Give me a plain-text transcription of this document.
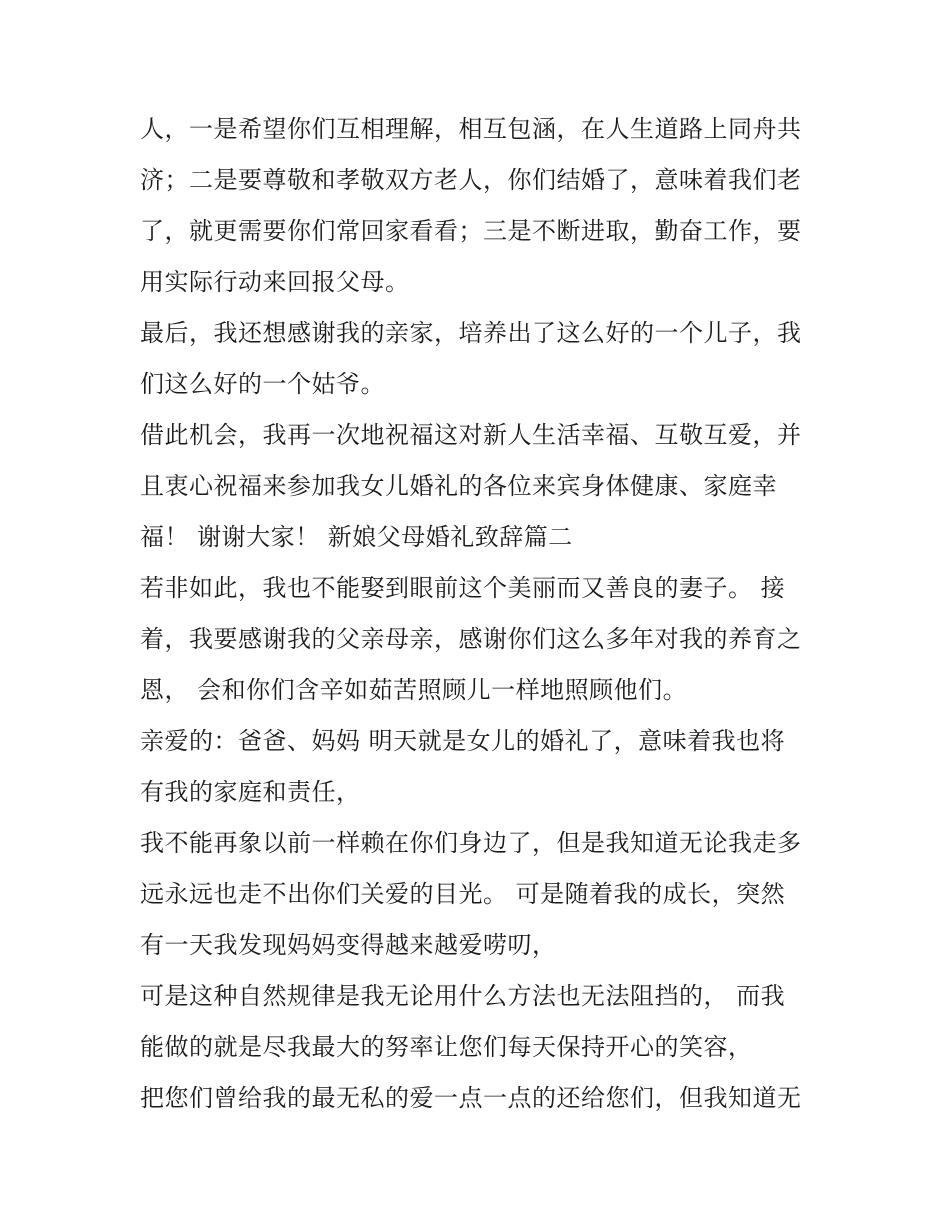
人，一是希望你们互相理解，相互包涵，在人生道路上同舟共
济；二是要尊敬和孝敬双方老人，你们结婚了，意味着我们老
了，就更需要你们常回家看看；三是不断进取，勤奋工作，要
用实际行动来回报父母。

最后，我还想感谢我的亲家，培养出了这么好的一个儿子，我
们这么好的一个姑爷。

借此机会，我再一次地祝福这对新人生活幸福、互敬互爱，并
且衷心祝福来参加我女儿婚礼的各位来宾身体健康、家庭幸
福！ 谢谢大家！ 新娘父母婚礼致辞篇二

若非如此，我也不能娶到眼前这个美丽而又善良的妻子。 接
着，我要感谢我的父亲母亲，感谢你们这么多年对我的养育之
恩， 会和你们含辛如茹苦照顾儿一样地照顾他们。

亲爱的：爸爸、妈妈 明天就是女儿的婚礼了，意味着我也将
有我的家庭和责任，

我不能再象以前一样赖在你们身边了，但是我知道无论我走多
远永远也走不出你们关爱的目光。 可是随着我的成长，突然
有一天我发现妈妈变得越来越爱唠叨，

可是这种自然规律是我无论用什么方法也无法阻挡的， 而我
能做的就是尽我最大的努率让您们每天保持开心的笑容，

把您们曾给我的最无私的爱一点一点的还给您们，但我知道无
